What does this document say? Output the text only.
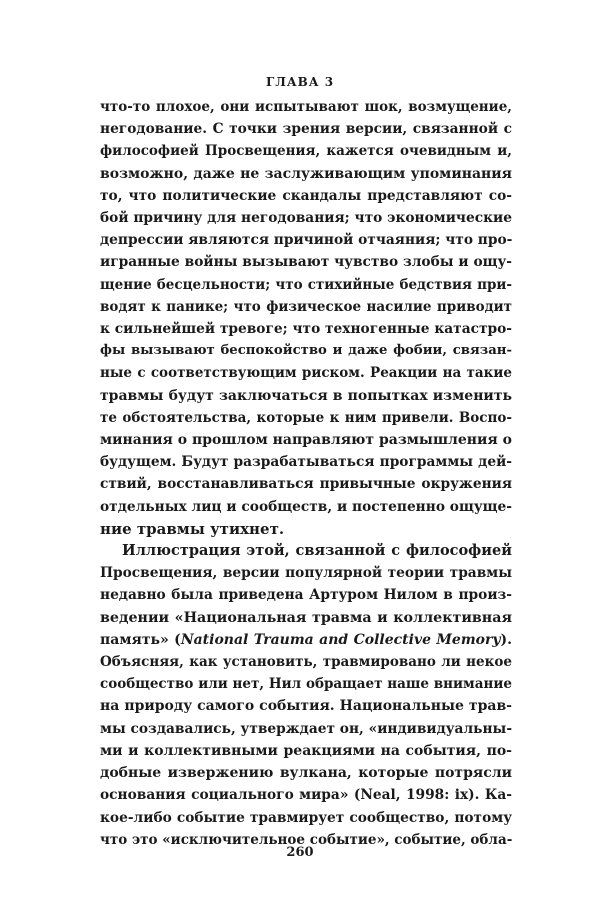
ГЛАВА 3
что-то плохое, они испытывают шок, возмущение,
негодование. С точки зрения версии, связанной с
философией Просвещения, кажется очевидным и,
возможно, даже не заслуживающим упоминания
то, что политические скандалы представляют со-
бой причину для негодования; что экономические
депрессии являются причиной отчаяния; что про-
игранные войны вызывают чувство злобы и ощу-
щение бесцельности; что стихийные бедствия при-
водят к панике; что физическое насилие приводит
к сильнейшей тревоге; что техногенные катастро-
фы вызывают беспокойство и даже фобии, связан-
ные с соответствующим риском. Реакции на такие
травмы будут заключаться в попытках изменить
те обстоятельства, которые к ним привели. Воспо-
минания о прошлом направляют размышления о
будущем. Будут разрабатываться программы дей-
ствий, восстанавливаться привычные окружения
отдельных лиц и сообществ, и постепенно ощуще-
ние травмы утихнет.
Иллюстрация этой, связанной с философией
Просвещения, версии популярной теории травмы
недавно была приведена Артуром Нилом в произ-
ведении «Национальная травма и коллективная
память» (National Trauma and Collective Memory).
Объясняя, как установить, травмировано ли некое
сообщество или нет, Нил обращает наше внимание
на природу самого события. Национальные трав-
мы создавались, утверждает он, «индивидуальны-
ми и коллективными реакциями на события, по-
добные извержению вулкана, которые потрясли
основания социального мира» (Neal, 1998: ix). Ка-
кое-либо событие травмирует сообщество, потому
что это «исключительное событие», событие, обла-
260
